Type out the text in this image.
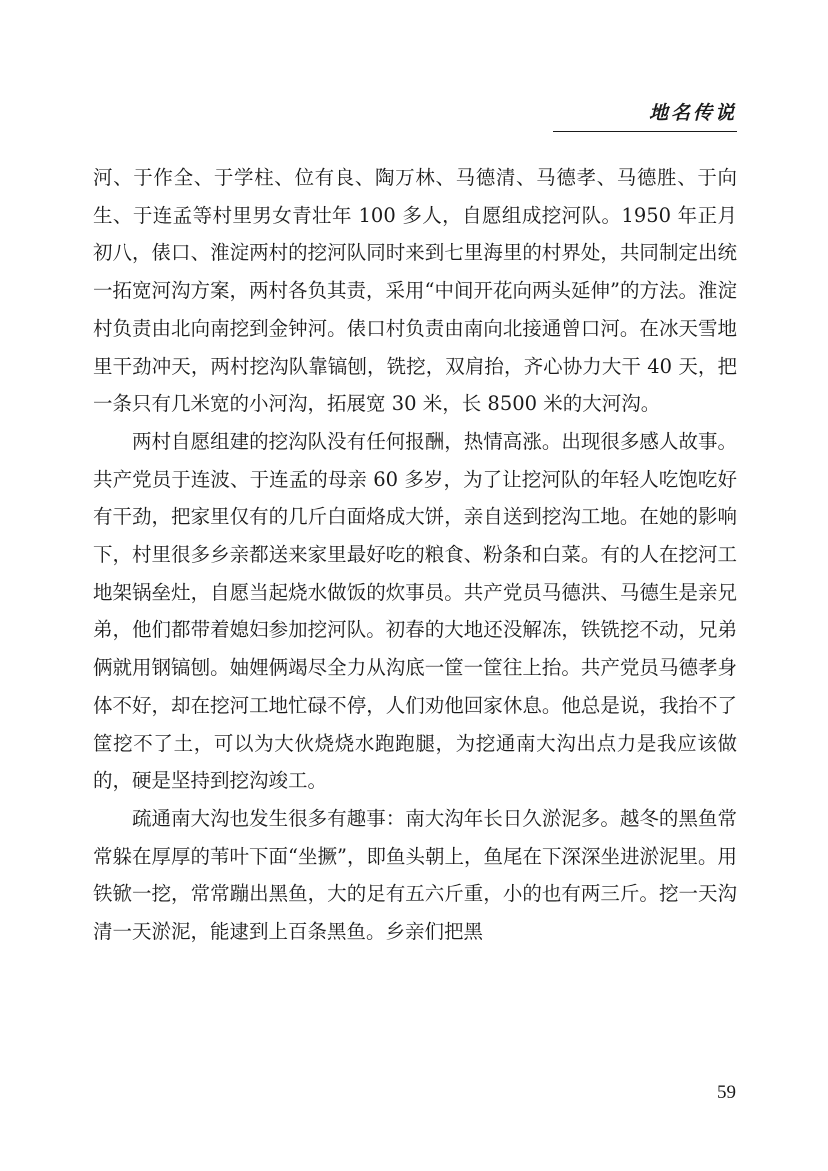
地名传说

河、于作全、于学柱、位有良、陶万林、马德清、马德孝、马德胜、于向生、于连孟等村里男女青壮年 100 多人，自愿组成挖河队。1950 年正月初八，俵口、淮淀两村的挖河队同时来到七里海里的村界处，共同制定出统一拓宽河沟方案，两村各负其责，采用“中间开花向两头延伸”的方法。淮淀村负责由北向南挖到金钟河。俵口村负责由南向北接通曾口河。在冰天雪地里干劲冲天，两村挖沟队靠镐刨，铣挖，双肩抬，齐心协力大干 40 天，把一条只有几米宽的小河沟，拓展宽 30 米，长 8500 米的大河沟。

两村自愿组建的挖沟队没有任何报酬，热情高涨。出现很多感人故事。共产党员于连波、于连孟的母亲 60 多岁，为了让挖河队的年轻人吃饱吃好有干劲，把家里仅有的几斤白面烙成大饼，亲自送到挖沟工地。在她的影响下，村里很多乡亲都送来家里最好吃的粮食、粉条和白菜。有的人在挖河工地架锅垒灶，自愿当起烧水做饭的炊事员。共产党员马德洪、马德生是亲兄弟，他们都带着媳妇参加挖河队。初春的大地还没解冻，铁铣挖不动，兄弟俩就用钢镐刨。妯娌俩竭尽全力从沟底一筐一筐往上抬。共产党员马德孝身体不好，却在挖河工地忙碌不停，人们劝他回家休息。他总是说，我抬不了筐挖不了土，可以为大伙烧烧水跑跑腿，为挖通南大沟出点力是我应该做的，硬是坚持到挖沟竣工。

疏通南大沟也发生很多有趣事：南大沟年长日久淤泥多。越冬的黑鱼常常躲在厚厚的苇叶下面“坐撅”，即鱼头朝上，鱼尾在下深深坐进淤泥里。用铁锨一挖，常常蹦出黑鱼，大的足有五六斤重，小的也有两三斤。挖一天沟清一天淤泥，能逮到上百条黑鱼。乡亲们把黑

59
